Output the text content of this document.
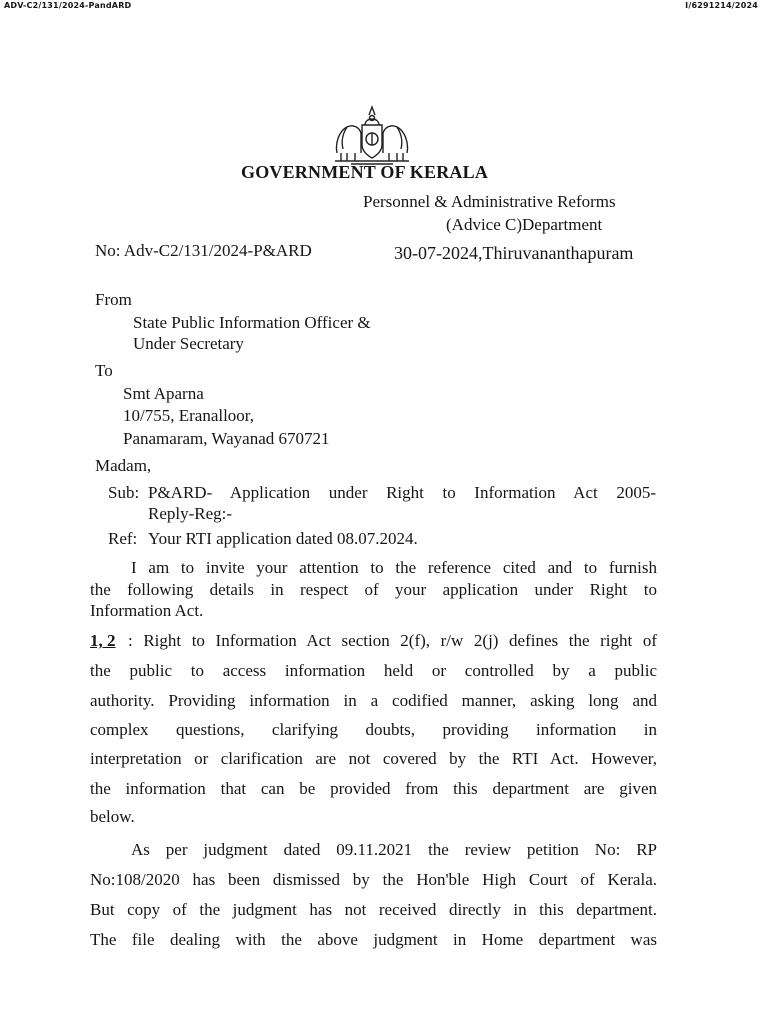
ADV-C2/131/2024-PandARD	I/6291214/2024
GOVERNMENT OF KERALA
Personnel & Administrative Reforms
(Advice C)Department
No: Adv-C2/131/2024-P&ARD	30-07-2024,Thiruvananthapuram
From
State Public Information Officer &
Under Secretary
To
Smt Aparna
10/755, Eranalloor,
Panamaram, Wayanad 670721
Madam,
Sub: P&ARD- Application under Right to Information Act 2005-
Reply-Reg:-
Ref: Your RTI application dated 08.07.2024.
I am to invite your attention to the reference cited and to furnish
the following details in respect of your application under Right to
Information Act.
1, 2 : Right to Information Act section 2(f), r/w 2(j) defines the right of
the public to access information held or controlled by a public
authority. Providing information in a codified manner, asking long and
complex questions, clarifying doubts, providing information in
interpretation or clarification are not covered by the RTI Act. However,
the information that can be provided from this department are given
below.
As per judgment dated 09.11.2021 the review petition No: RP
No:108/2020 has been dismissed by the Hon'ble High Court of Kerala.
But copy of the judgment has not received directly in this department.
The file dealing with the above judgment in Home department was
